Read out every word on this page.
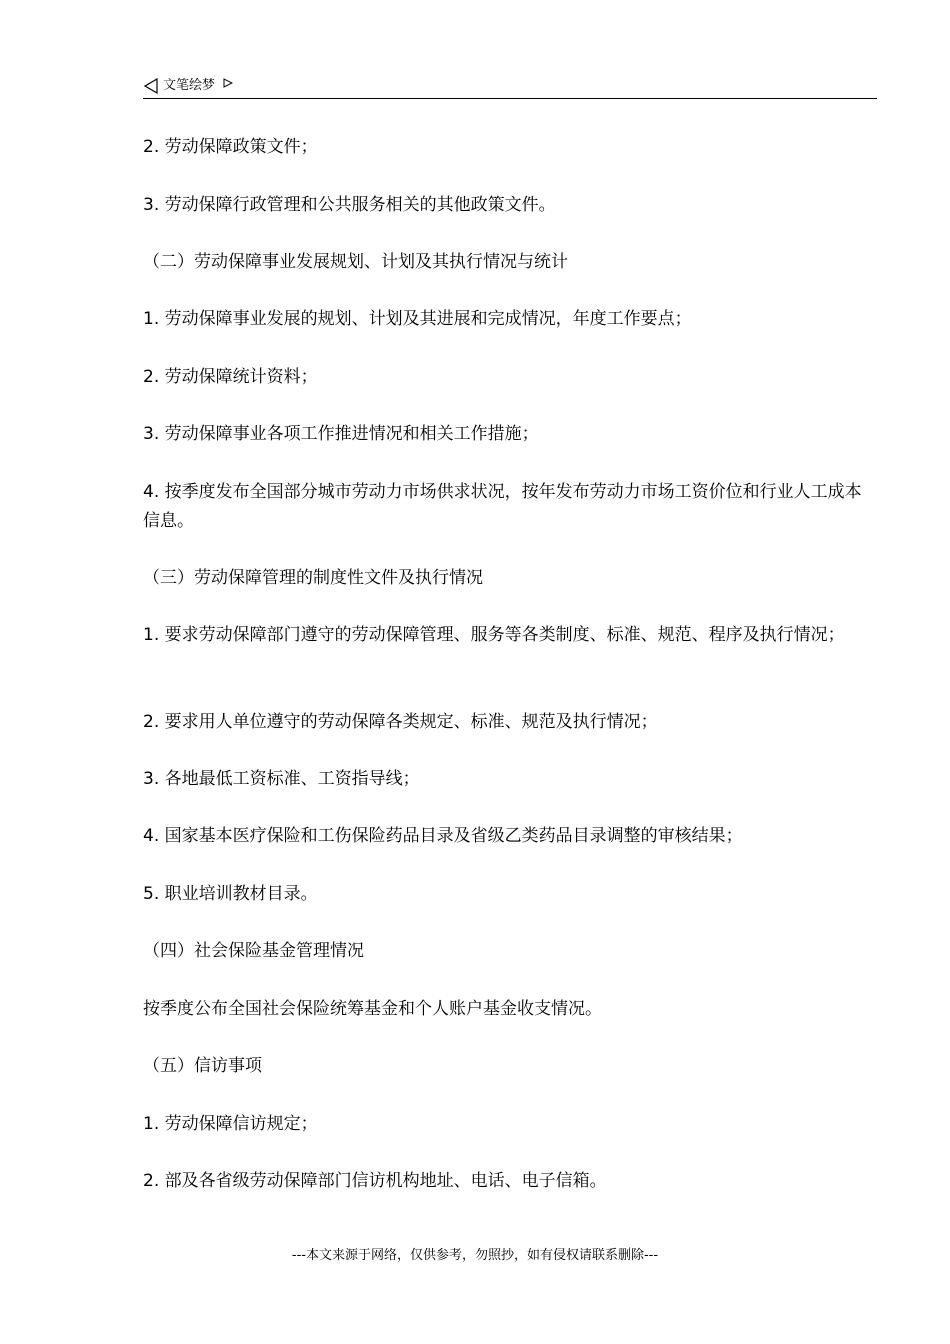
文笔绘梦
2. 劳动保障政策文件；
3. 劳动保障行政管理和公共服务相关的其他政策文件。
（二）劳动保障事业发展规划、计划及其执行情况与统计
1. 劳动保障事业发展的规划、计划及其进展和完成情况，年度工作要点；
2. 劳动保障统计资料；
3. 劳动保障事业各项工作推进情况和相关工作措施；
4. 按季度发布全国部分城市劳动力市场供求状况，按年发布劳动力市场工资价位和行业人工成本信息。
（三）劳动保障管理的制度性文件及执行情况
1. 要求劳动保障部门遵守的劳动保障管理、服务等各类制度、标准、规范、程序及执行情况；
2. 要求用人单位遵守的劳动保障各类规定、标准、规范及执行情况；
3. 各地最低工资标准、工资指导线；
4. 国家基本医疗保险和工伤保险药品目录及省级乙类药品目录调整的审核结果；
5. 职业培训教材目录。
（四）社会保险基金管理情况
按季度公布全国社会保险统筹基金和个人账户基金收支情况。
（五）信访事项
1. 劳动保障信访规定；
2. 部及各省级劳动保障部门信访机构地址、电话、电子信箱。
---本文来源于网络，仅供参考，勿照抄，如有侵权请联系删除---
